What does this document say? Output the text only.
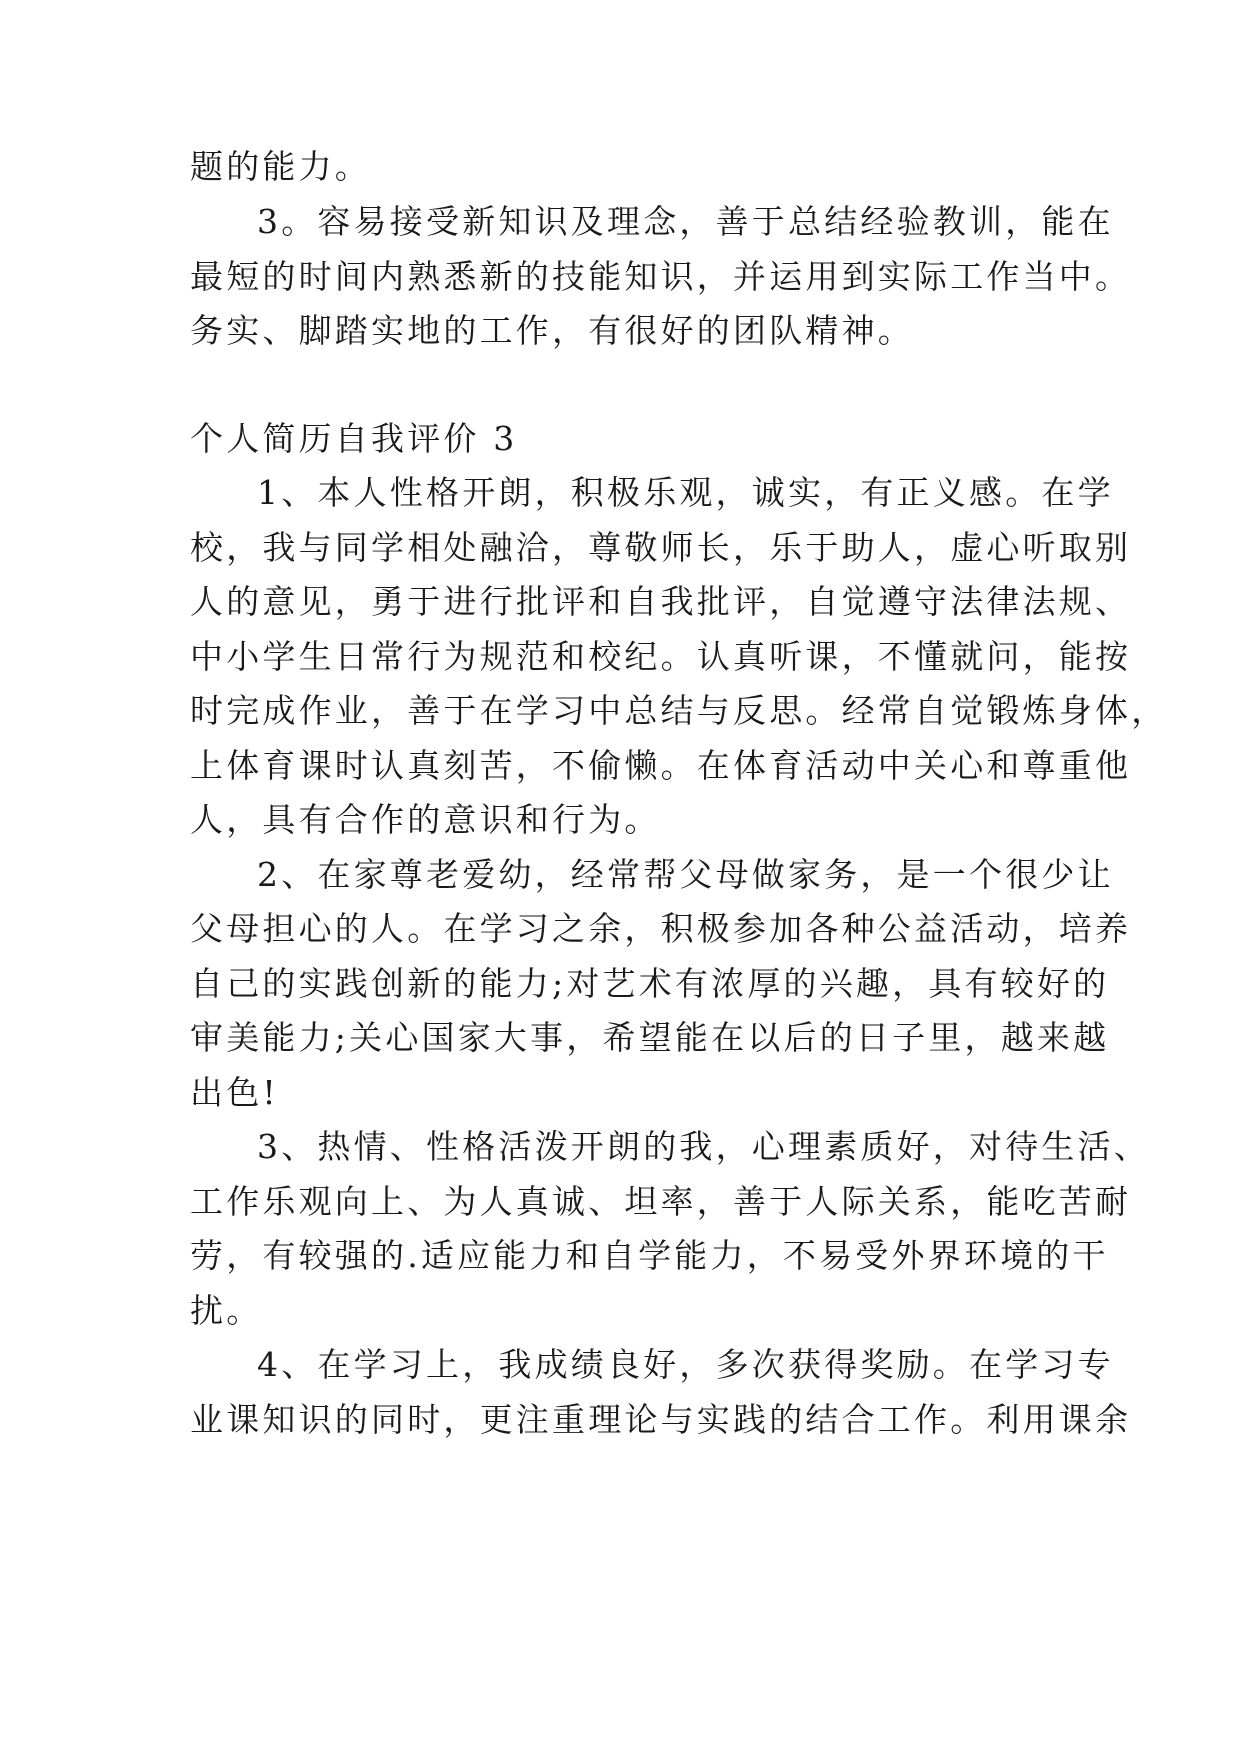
题的能力。
3。容易接受新知识及理念，善于总结经验教训，能在
最短的时间内熟悉新的技能知识，并运用到实际工作当中。
务实、脚踏实地的工作，有很好的团队精神。
个人简历自我评价 3
1、本人性格开朗，积极乐观，诚实，有正义感。在学
校，我与同学相处融洽，尊敬师长，乐于助人，虚心听取别
人的意见，勇于进行批评和自我批评，自觉遵守法律法规、
中小学生日常行为规范和校纪。认真听课，不懂就问，能按
时完成作业，善于在学习中总结与反思。经常自觉锻炼身体，
上体育课时认真刻苦，不偷懒。在体育活动中关心和尊重他
人，具有合作的意识和行为。
2、在家尊老爱幼，经常帮父母做家务，是一个很少让
父母担心的人。在学习之余，积极参加各种公益活动，培养
自己的实践创新的能力;对艺术有浓厚的兴趣，具有较好的
审美能力;关心国家大事，希望能在以后的日子里，越来越
出色!
3、热情、性格活泼开朗的我，心理素质好，对待生活、
工作乐观向上、为人真诚、坦率，善于人际关系，能吃苦耐
劳，有较强的.适应能力和自学能力，不易受外界环境的干
扰。
4、在学习上，我成绩良好，多次获得奖励。在学习专
业课知识的同时，更注重理论与实践的结合工作。利用课余
